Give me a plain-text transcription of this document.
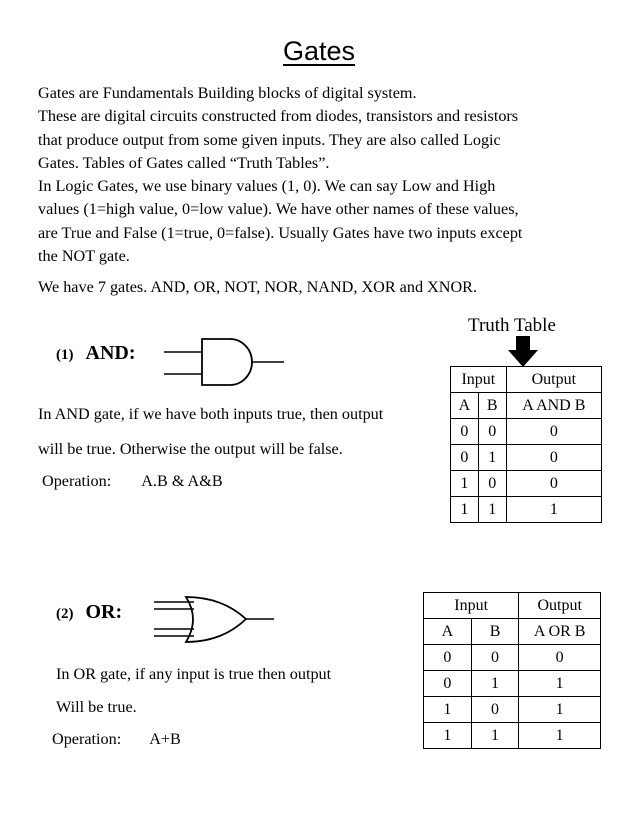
Gates

Gates are Fundamentals Building blocks of digital system.

These are digital circuits constructed from diodes, transistors and resistors

that produce output from some given inputs. They are also called Logic

Gates. Tables of Gates called “Truth Tables”.

In Logic Gates, we use binary values (1, 0). We can say Low and High

values (1=high value, 0=low value). We have other names of these values,

are True and False (1=true, 0=false). Usually Gates have two inputs except

the NOT gate.

We have 7 gates. AND, OR, NOT, NOR, NAND, XOR and XNOR.
(1) AND:
In AND gate, if we have both inputs true, then output
will be true. Otherwise the output will be false.
Operation: A.B & A&B
Truth Table
Input		Output
A	B	A AND B
0	0	0
0	1	0
1	0	0
1	1	1
(2) OR:
In OR gate, if any input is true then output
Will be true.
Operation: A+B
Input		Output
A	B	A OR B
0	0	0
0	1	1
1	0	1
1	1	1
